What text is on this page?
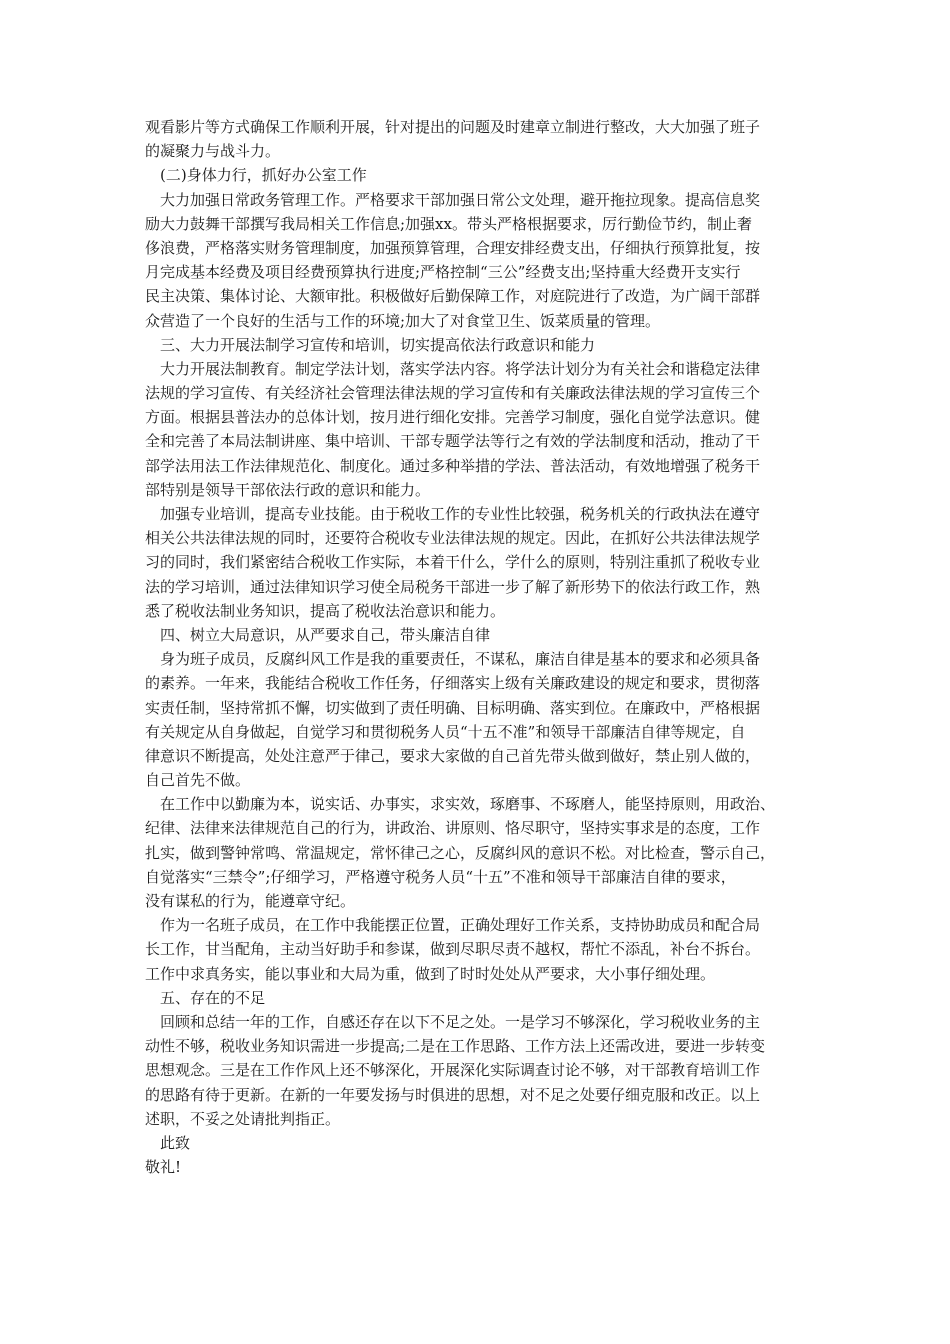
观看影片等方式确保工作顺利开展，针对提出的问题及时建章立制进行整改，大大加强了班子
的凝聚力与战斗力。
(二)身体力行，抓好办公室工作
大力加强日常政务管理工作。严格要求干部加强日常公文处理，避开拖拉现象。提高信息奖
励大力鼓舞干部撰写我局相关工作信息;加强xx。带头严格根据要求，厉行勤俭节约，制止奢
侈浪费，严格落实财务管理制度，加强预算管理，合理安排经费支出，仔细执行预算批复，按
月完成基本经费及项目经费预算执行进度;严格控制“三公”经费支出;坚持重大经费开支实行
民主决策、集体讨论、大额审批。积极做好后勤保障工作，对庭院进行了改造，为广阔干部群
众营造了一个良好的生活与工作的环境;加大了对食堂卫生、饭菜质量的管理。
三、大力开展法制学习宣传和培训，切实提高依法行政意识和能力
大力开展法制教育。制定学法计划，落实学法内容。将学法计划分为有关社会和谐稳定法律
法规的学习宣传、有关经济社会管理法律法规的学习宣传和有关廉政法律法规的学习宣传三个
方面。根据县普法办的总体计划，按月进行细化安排。完善学习制度，强化自觉学法意识。健
全和完善了本局法制讲座、集中培训、干部专题学法等行之有效的学法制度和活动，推动了干
部学法用法工作法律规范化、制度化。通过多种举措的学法、普法活动，有效地增强了税务干
部特别是领导干部依法行政的意识和能力。
加强专业培训，提高专业技能。由于税收工作的专业性比较强，税务机关的行政执法在遵守
相关公共法律法规的同时，还要符合税收专业法律法规的规定。因此，在抓好公共法律法规学
习的同时，我们紧密结合税收工作实际，本着干什么，学什么的原则，特别注重抓了税收专业
法的学习培训，通过法律知识学习使全局税务干部进一步了解了新形势下的依法行政工作，熟
悉了税收法制业务知识，提高了税收法治意识和能力。
四、树立大局意识，从严要求自己，带头廉洁自律
身为班子成员，反腐纠风工作是我的重要责任，不谋私，廉洁自律是基本的要求和必须具备
的素养。一年来，我能结合税收工作任务，仔细落实上级有关廉政建设的规定和要求，贯彻落
实责任制，坚持常抓不懈，切实做到了责任明确、目标明确、落实到位。在廉政中，严格根据
有关规定从自身做起，自觉学习和贯彻税务人员“十五不准”和领导干部廉洁自律等规定，自
律意识不断提高，处处注意严于律己，要求大家做的自己首先带头做到做好，禁止别人做的，
自己首先不做。
在工作中以勤廉为本，说实话、办事实，求实效，琢磨事、不琢磨人，能坚持原则，用政治、
纪律、法律来法律规范自己的行为，讲政治、讲原则、恪尽职守，坚持实事求是的态度，工作
扎实，做到警钟常鸣、常温规定，常怀律己之心，反腐纠风的意识不松。对比检查，警示自己，
自觉落实“三禁令”;仔细学习，严格遵守税务人员“十五”不准和领导干部廉洁自律的要求，
没有谋私的行为，能遵章守纪。
作为一名班子成员，在工作中我能摆正位置，正确处理好工作关系，支持协助成员和配合局
长工作，甘当配角，主动当好助手和参谋，做到尽职尽责不越权，帮忙不添乱，补台不拆台。
工作中求真务实，能以事业和大局为重，做到了时时处处从严要求，大小事仔细处理。
五、存在的不足
回顾和总结一年的工作，自感还存在以下不足之处。一是学习不够深化，学习税收业务的主
动性不够，税收业务知识需进一步提高;二是在工作思路、工作方法上还需改进，要进一步转变
思想观念。三是在工作作风上还不够深化，开展深化实际调查讨论不够，对干部教育培训工作
的思路有待于更新。在新的一年要发扬与时俱进的思想，对不足之处要仔细克服和改正。以上
述职，不妥之处请批判指正。
此致
敬礼!
